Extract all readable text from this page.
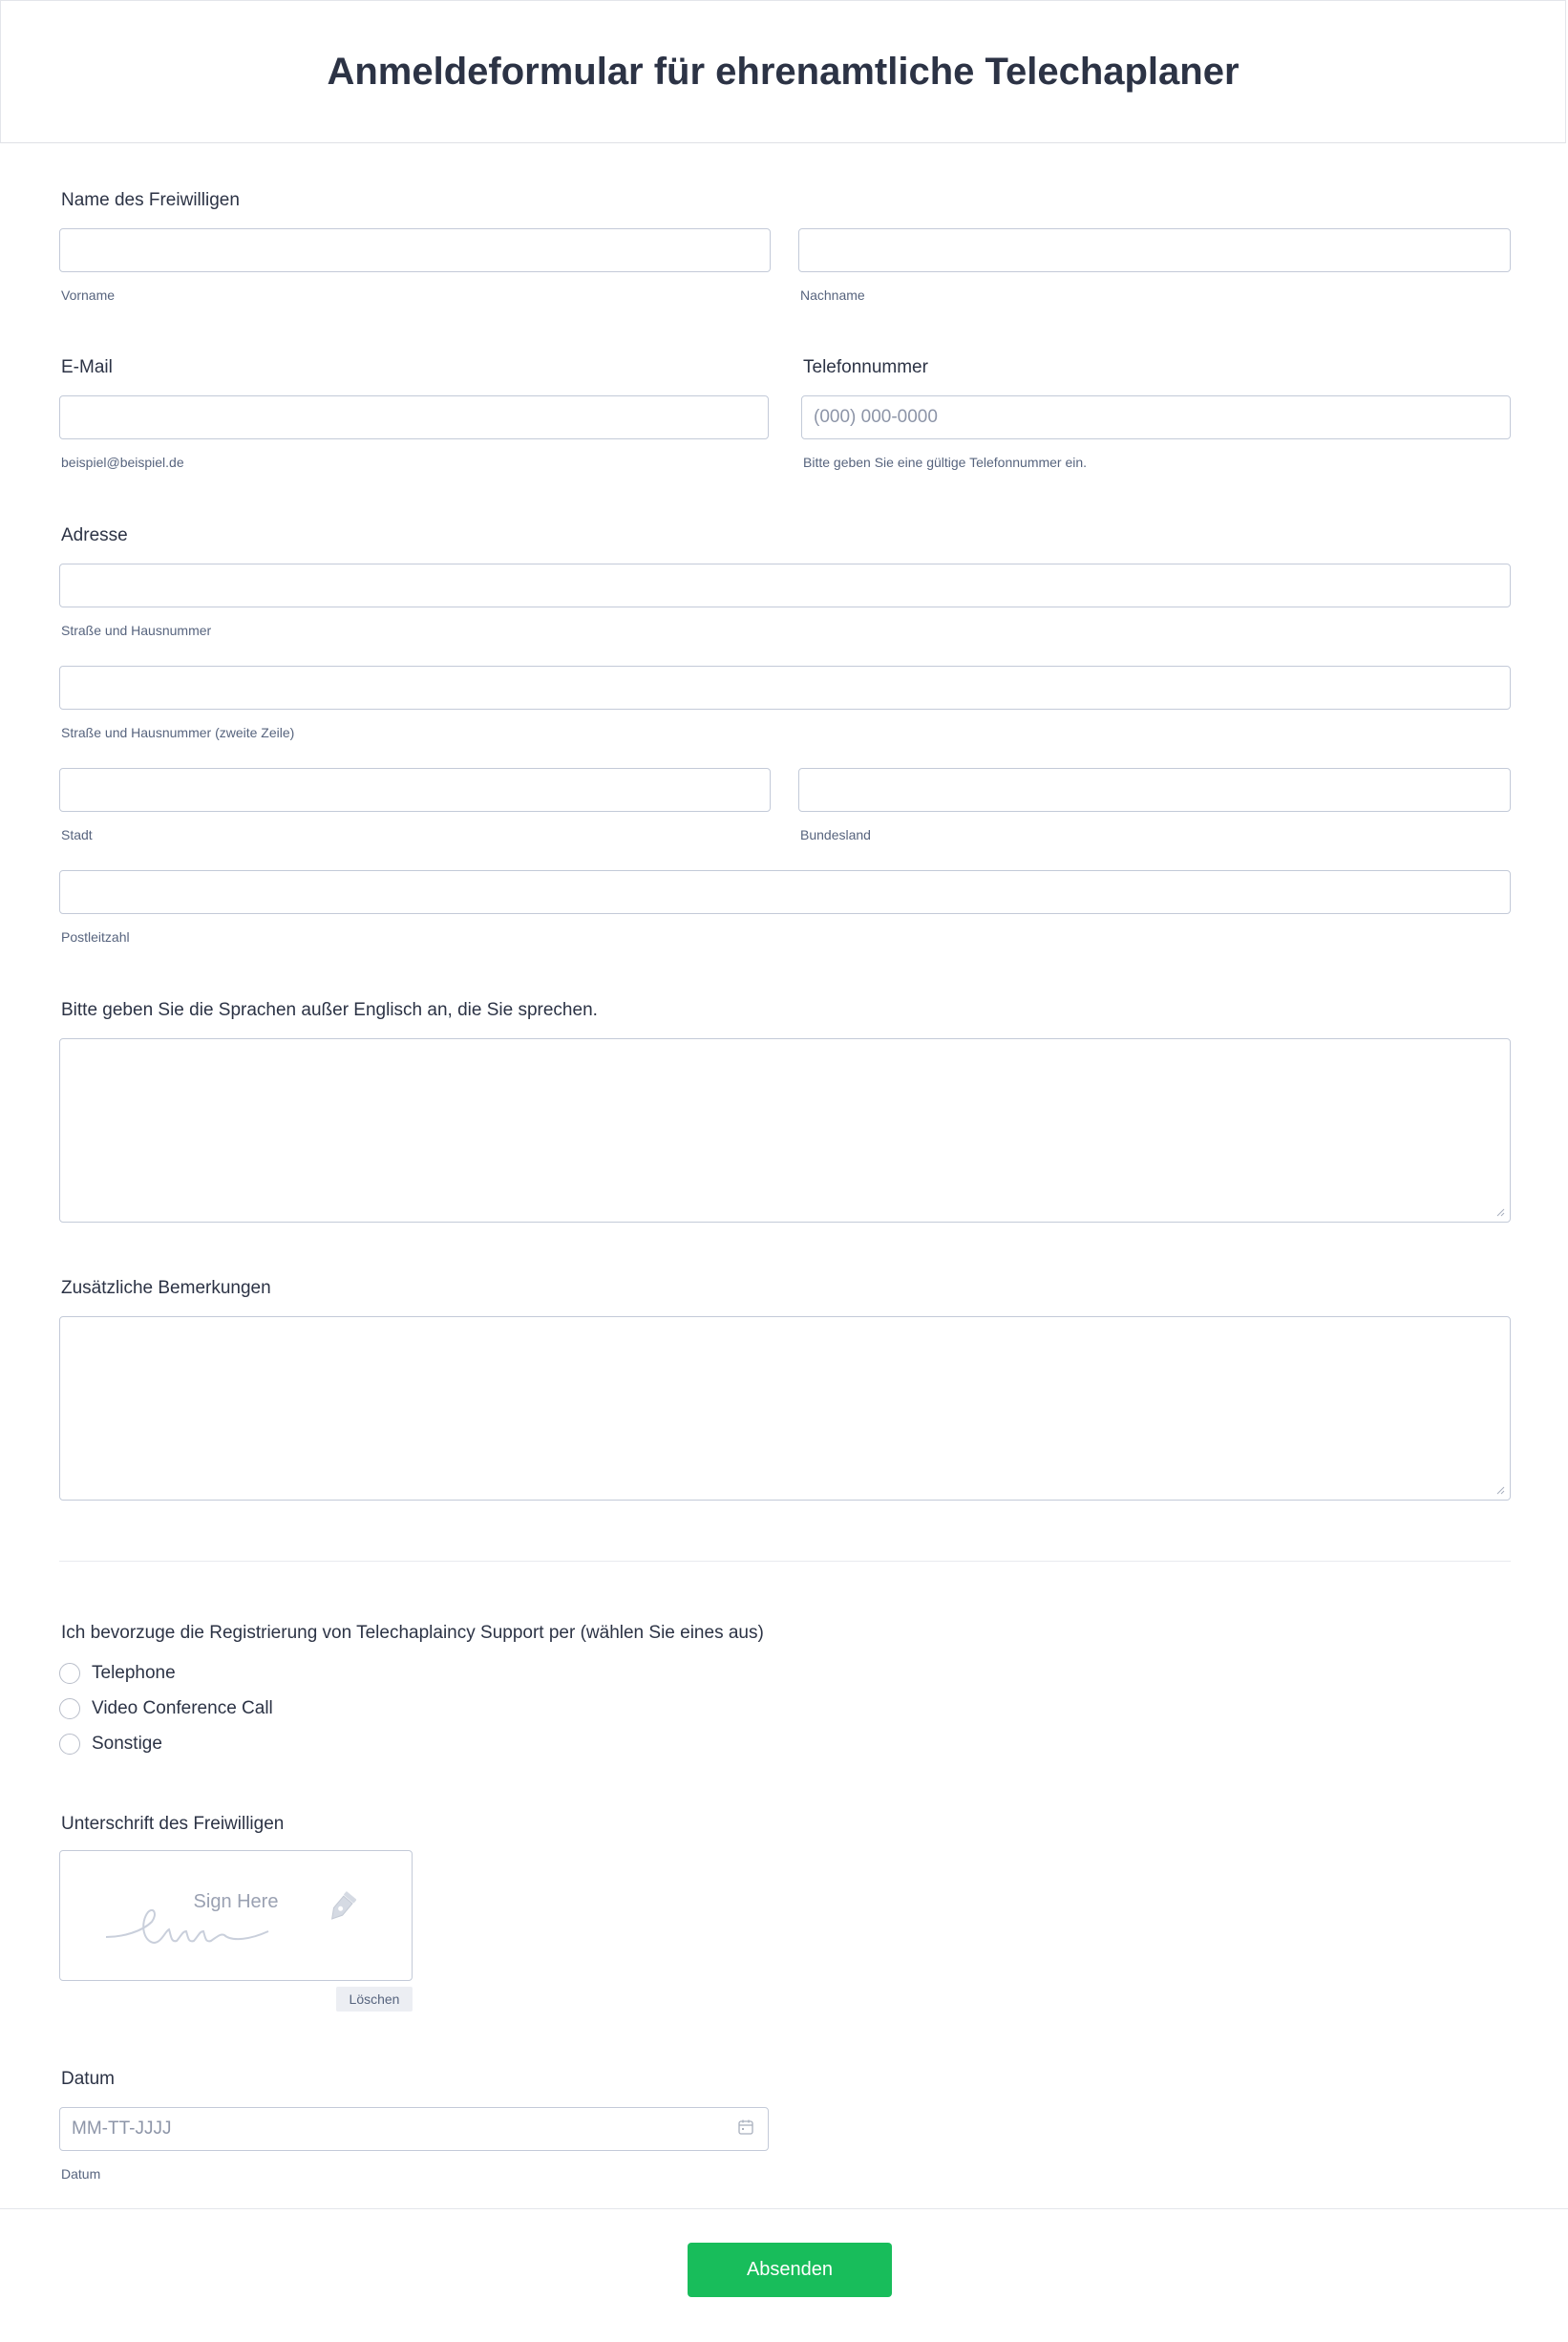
Anmeldeformular für ehrenamtliche Telechaplaner
Name des Freiwilligen
Vorname	Nachname
E-Mail	Telefonnummer
(000) 000-0000
beispiel@beispiel.de	Bitte geben Sie eine gültige Telefonnummer ein.
Adresse
Straße und Hausnummer
Straße und Hausnummer (zweite Zeile)
Stadt	Bundesland
Postleitzahl
Bitte geben Sie die Sprachen außer Englisch an, die Sie sprechen.
Zusätzliche Bemerkungen
Ich bevorzuge die Registrierung von Telechaplaincy Support per (wählen Sie eines aus)
Telephone
Video Conference Call
Sonstige
Unterschrift des Freiwilligen
Sign Here
Löschen
Datum
MM-TT-JJJJ
Datum
Absenden
